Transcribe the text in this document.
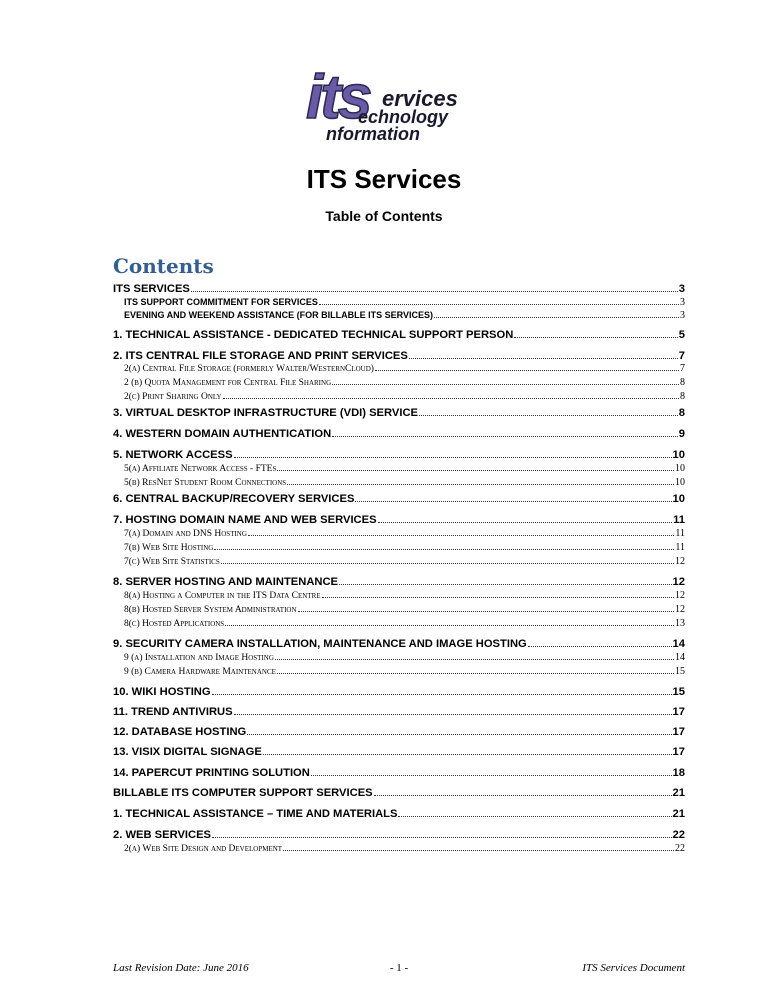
its ervices
echnology
nformation
ITS Services
Table of Contents
Contents
ITS SERVICES	3
ITS SUPPORT COMMITMENT FOR SERVICES	3
EVENING AND WEEKEND ASSISTANCE (FOR BILLABLE ITS SERVICES)	3
1. TECHNICAL ASSISTANCE - DEDICATED TECHNICAL SUPPORT PERSON	5
2. ITS CENTRAL FILE STORAGE AND PRINT SERVICES	7
2(a) Central File Storage (formerly Walter/WesternCloud)	7
2 (b) Quota Management for Central File Sharing	8
2(c) Print Sharing Only	8
3. VIRTUAL DESKTOP INFRASTRUCTURE (VDI) SERVICE	8
4. WESTERN DOMAIN AUTHENTICATION	9
5. NETWORK ACCESS	10
5(a) Affiliate Network Access - FTEs	10
5(b) ResNet Student Room Connections	10
6. CENTRAL BACKUP/RECOVERY SERVICES	10
7. HOSTING DOMAIN NAME AND WEB SERVICES	11
7(a) Domain and DNS Hosting	11
7(b) Web Site Hosting	11
7(c) Web Site Statistics	12
8. SERVER HOSTING AND MAINTENANCE	12
8(a) Hosting a Computer in the ITS Data Centre	12
8(b) Hosted Server System Administration	12
8(c) Hosted Applications	13
9. SECURITY CAMERA INSTALLATION, MAINTENANCE AND IMAGE HOSTING	14
9 (a) Installation and Image Hosting	14
9 (b) Camera Hardware Maintenance	15
10. WIKI HOSTING	15
11. TREND ANTIVIRUS	17
12. DATABASE HOSTING	17
13. VISIX DIGITAL SIGNAGE	17
14. PAPERCUT PRINTING SOLUTION	18
BILLABLE ITS COMPUTER SUPPORT SERVICES	21
1. TECHNICAL ASSISTANCE – TIME AND MATERIALS	21
2. WEB SERVICES	22
2(a) Web Site Design and Development	22
Last Revision Date: June 2016	- 1 -	ITS Services Document
